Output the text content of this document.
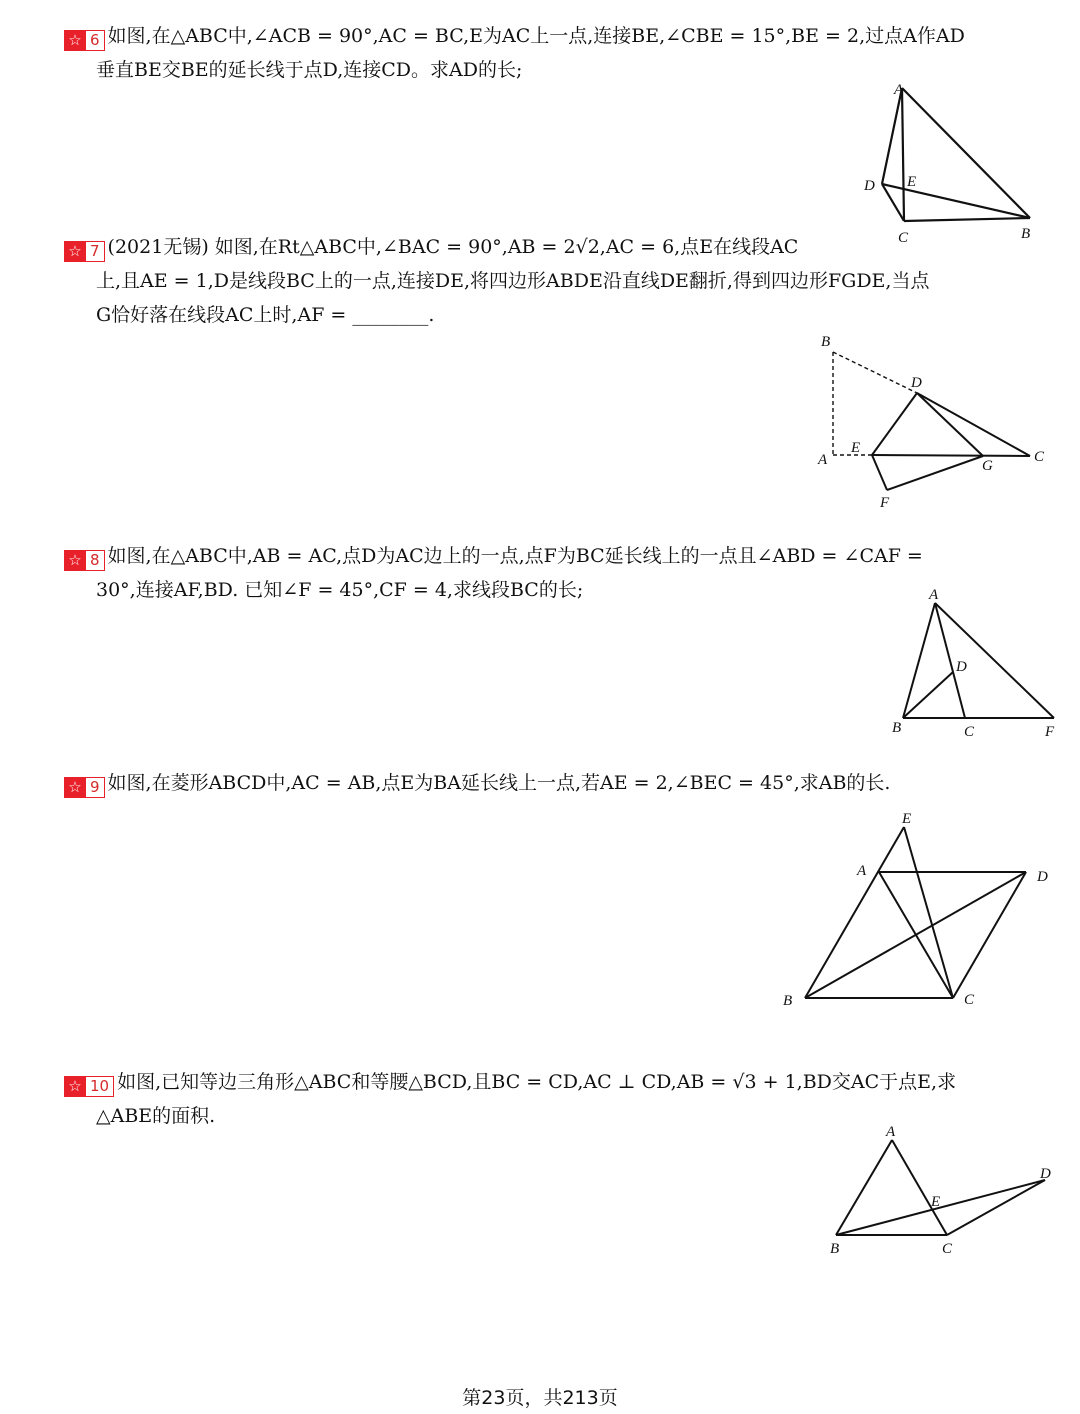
☆ 6 如图,在△ABC中,∠ACB = 90°,AC = BC,E为AC上一点,连接BE,∠CBE = 15°,BE = 2,过点A作AD
垂直BE交BE的延长线于点D,连接CD。求AD的长;
A
D E
C	B
☆ 7 (2021无锡) 如图,在Rt△ABC中,∠BAC = 90°,AB = 2√2,AC = 6,点E在线段AC
上,且AE = 1,D是线段BC上的一点,连接DE,将四边形ABDE沿直线DE翻折,得到四边形FGDE,当点
G恰好落在线段AC上时,AF = ________.
B
D
E
A	C
G
F
☆ 8 如图,在△ABC中,AB = AC,点D为AC边上的一点,点F为BC延长线上的一点且∠ABD = ∠CAF =
30°,连接AF,BD. 已知∠F = 45°,CF = 4,求线段BC的长;	A
D
B	C	F
☆ 9 如图,在菱形ABCD中,AC = AB,点E为BA延长线上一点,若AE = 2,∠BEC = 45°,求AB的长.
E
A	D
B	C
☆ 10 如图,已知等边三角形△ABC和等腰△BCD,且BC = CD,AC ⊥ CD,AB = √3 + 1,BD交AC于点E,求
△ABE的面积.
A
E
D
B	C
第23页，共213页
